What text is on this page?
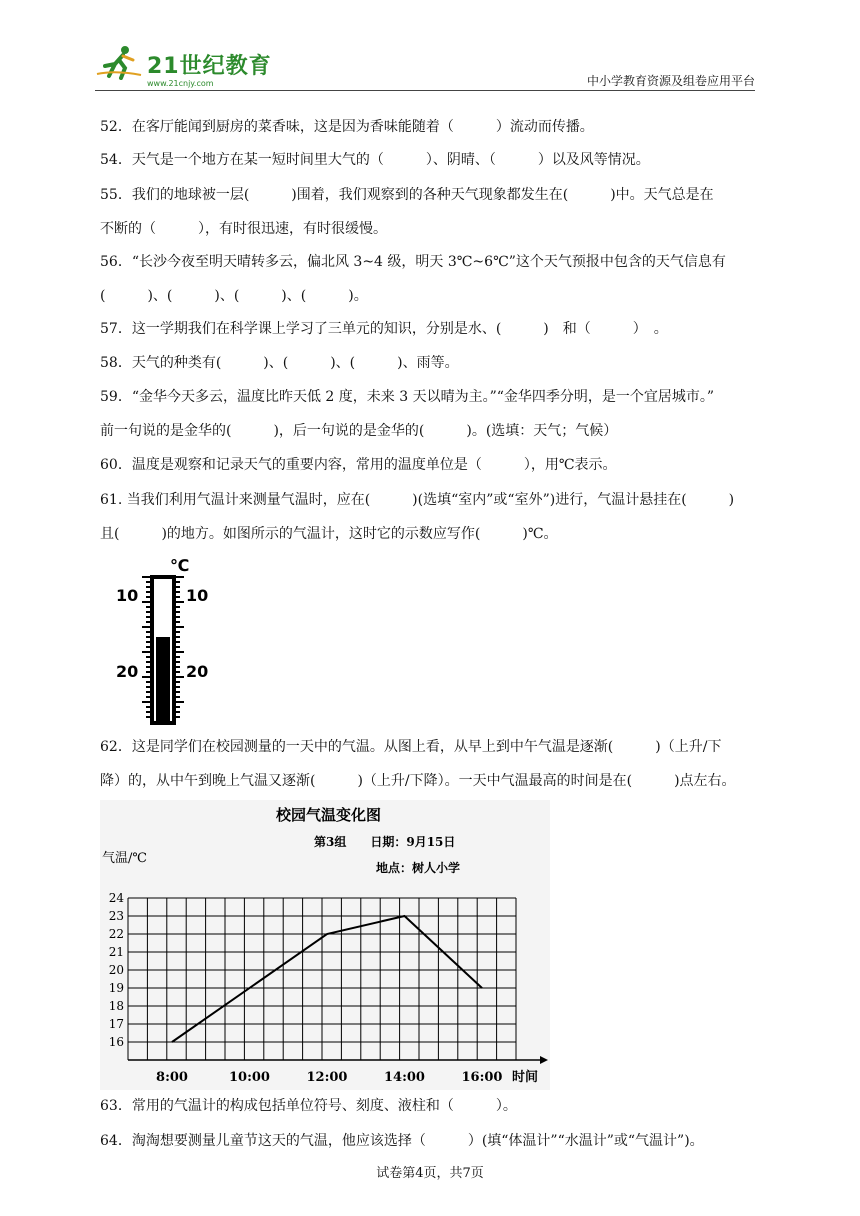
21世纪教育
www.21cnjy.com	中小学教育资源及组卷应用平台
52．在客厅能闻到厨房的菜香味，这是因为香味能随着（　　　）流动而传播。
54．天气是一个地方在某一短时间里大气的（　　　）、阴晴、（　　　）以及风等情况。
55．我们的地球被一层(　　　)围着，我们观察到的各种天气现象都发生在(　　　)中。天气总是在
不断的（　　　），有时很迅速，有时很缓慢。
56．“长沙今夜至明天晴转多云，偏北风 3~4 级，明天 3℃~6℃”这个天气预报中包含的天气信息有
(　　　)、(　　　)、(　　　)、(　　　)。
57．这一学期我们在科学课上学习了三单元的知识，分别是水、(　　　)　和（　　　）　。
58．天气的种类有(　　　)、(　　　)、(　　　)、雨等。
59．“金华今天多云，温度比昨天低 2 度，未来 3 天以晴为主。”“金华四季分明，是一个宜居城市。”
前一句说的是金华的(　　　)，后一句说的是金华的(　　　)。(选填：天气；气候）
60．温度是观察和记录天气的重要内容，常用的温度单位是（　　　），用℃表示。
61. 当我们利用气温计来测量气温时，应在(　　　)(选填“室内”或“室外”)进行，气温计悬挂在(　　　)
且(　　　)的地方。如图所示的气温计，这时它的示数应写作(　　　)℃。
℃
10
20
10
20
62．这是同学们在校园测量的一天中的气温。从图上看，从早上到中午气温是逐渐(　　　)（上升/下
降）的，从中午到晚上气温又逐渐(　　　)（上升/下降）。一天中气温最高的时间是在(　　　)点左右。
校园气温变化图
第3组　　日期：9月15日
地点：树人小学
气温/℃
时间
16
17
18
19
20
21
22
23
24
8:00	10:00	12:00	14:00	16:00
63．常用的气温计的构成包括单位符号、刻度、液柱和（　　　）。
64．淘淘想要测量儿童节这天的气温，他应该选择（　　　）(填“体温计”“水温计”或“气温计”)。
试卷第4页，共7页
